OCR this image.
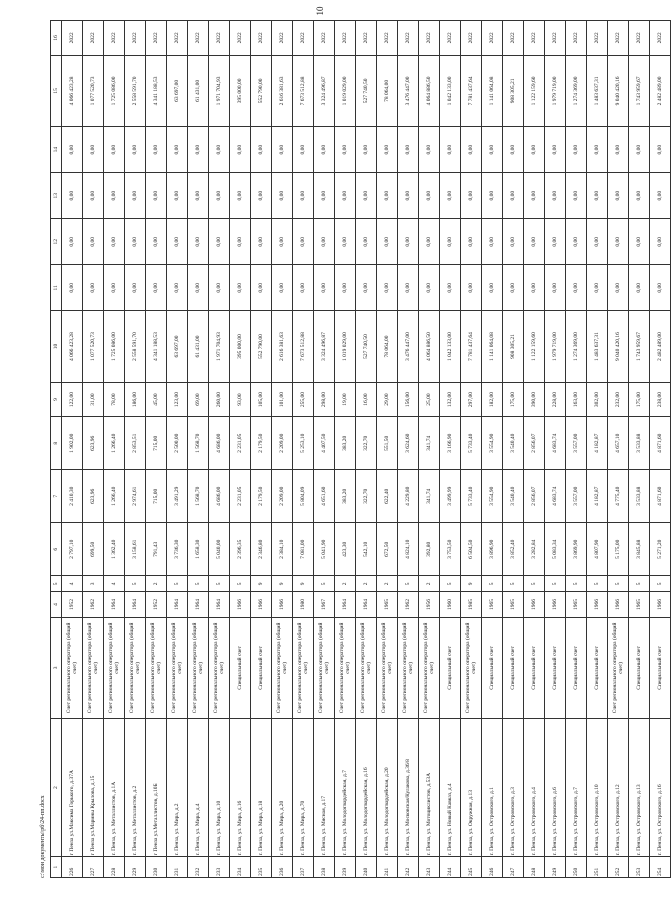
10
1	2	3	4	5	6	7	8	9	10	11	12	13	14	15	16
226	г Пенза ул.Максима Горького, д.37А	Счет регионального оператора (общий счет)	1952	4	2 797,10	2 410,30	1 902,00	122,00	4 066 423,28	0,00	0,00	0,00	0,00	4 066 423,28	2022
227	г Пенза ул.Марины Крылова, д.15	Счет регионального оператора (общий счет)	1962	3	699,50	623,96	623,96	31,00	1 077 520,73	0,00	0,00	0,00	0,00	1 077 520,73	2022
228	г. Пенза, ул. Металлистов, д.1А	Счет регионального оператора (общий счет)	1964	4	1 362,40	1 266,40	1 266,40	78,00	1 725 086,00	0,00	0,00	0,00	0,00	1 725 086,00	2022
229	г. Пенза, ул. Металлистов, д.2	Счет регионального оператора (общий счет)	1964	5	3 158,61	2 974,61	2 853,51	186,00	2 558 591,70	0,00	0,00	0,00	0,00	2 558 591,70	2022
230	г Пенза ул.Металлистов, д.10Б	Счет регионального оператора (общий счет)	1952	2	791,43	715,00	715,00	45,00	4 341 188,53	0,00	0,00	0,00	0,00	4 341 188,53	2022
231	г. Пенза, ул. Мира, д.2	Счет регионального оператора (общий счет)	1964	5	3 736,30	3 491,29	2 500,00	123,00	63 697,00	0,00	0,00	0,00	0,00	63 697,00	2022
232	г. Пенза, ул. Мира, д.4	Счет регионального оператора (общий счет)	1964	5	1 658,30	1 568,70	1 568,70	69,00	61 431,00	0,00	0,00	0,00	0,00	61 431,00	2022
233	г. Пенза, ул. Мира, д.10	Счет регионального оператора (общий счет)	1964	5	5 040,00	4 686,00	4 686,00	260,00	1 971 704,93	0,00	0,00	0,00	0,00	1 971 704,93	2022
234	г. Пенза, ул. Мира, д.16	Специальный счет	1966	5	2 396,35	2 231,05	2 231,05	93,00	395 000,00	0,00	0,00	0,00	0,00	395 000,00	2022
235	г. Пенза, ул. Мира, д.18	Специальный счет	1966	9	2 346,80	2 179,50	2 179,50	105,00	552 790,00	0,00	0,00	0,00	0,00	552 790,00	2022
236	г. Пенза, ул. Мира, д.20	Счет регионального оператора (общий счет)	1966	9	2 384,10	2 209,00	2 209,00	101,00	2 616 381,63	0,00	0,00	0,00	0,00	2 616 381,63	2022
237	г. Пенза, ул. Мира, д.70	Счет регионального оператора (общий счет)	1980	9	7 081,00	5 804,09	5 253,10	255,00	7 673 512,88	0,00	0,00	0,00	0,00	7 673 512,88	2022
238	г. Пенза, ул. Мясная, д.17	Счет регионального оператора (общий счет)	1967	5	5 041,90	4 651,60	4 407,50	298,00	3 324 496,87	0,00	0,00	0,00	0,00	3 324 496,87	2022
239	г. Пенза, ул. Молодогвардейская, д.7	Счет регионального оператора (общий счет)	1964	2	423,30	383,20	383,20	19,00	1 019 029,00	0,00	0,00	0,00	0,00	1 019 029,00	2022
240	г. Пенза, ул. Молодогвардейская, д.16	Счет регионального оператора (общий счет)	1964	2	542,10	322,70	322,70	16,00	527 740,50	0,00	0,00	0,00	0,00	527 740,50	2022
241	г. Пенза, ул. Молодогвардейская, д.20	Счет регионального оператора (общий счет)	1965	2	672,50	622,40	551,50	29,00	78 064,00	0,00	0,00	0,00	0,00	78 064,00	2022
242	г. Пенза, ул. Московская/Кулакова, д.36/8	Счет регионального оператора (общий счет)	1962	5	4 824,10	4 229,80	3 624,60	156,00	3 476 447,00	0,00	0,00	0,00	0,00	3 476 447,00	2022
243	г. Пенза, ул. Мотоциклистов, д.53А	Счет регионального оператора (общий счет)	1956	2	392,80	341,74	341,74	25,00	4 064 886,50	0,00	0,00	0,00	0,00	4 064 886,50	2022
244	г. Пенза, ул. Новый Кавказ, д.4	Специальный счет	1960	5	3 753,50	3 499,99	3 166,90	132,00	1 042 133,00	0,00	0,00	0,00	0,00	1 042 133,00	2022
245	г. Пенза, ул. Окружная, д.13	Счет регионального оператора (общий счет)	1985	9	6 504,50	5 733,40	5 733,40	297,00	7 781 437,64	0,00	0,00	0,00	0,00	7 781 437,64	2022
246	г. Пенза, ул. Островского, д.1	Специальный счет	1965	5	3 896,90	3 554,90	3 554,90	182,00	1 141 064,08	0,00	0,00	0,00	0,00	1 141 064,08	2022
247	г. Пенза, ул. Островского, д.3	Специальный счет	1965	5	3 852,40	3 540,40	3 540,40	175,00	908 305,21	0,00	0,00	0,00	0,00	908 305,21	2022
248	г. Пенза, ул. Островского, д.4	Специальный счет	1966	5	3 282,84	2 856,07	2 856,07	390,00	1 122 159,60	0,00	0,00	0,00	0,00	1 122 159,60	2022
249	г. Пенза, ул. Островского, д.6	Специальный счет	1966	5	5 083,34	4 683,74	4 683,74	228,00	1 979 719,00	0,00	0,00	0,00	0,00	1 979 719,00	2022
250	г. Пенза, ул. Островского, д.7	Специальный счет	1965	5	3 869,90	3 557,00	3 557,00	163,00	1 274 369,00	0,00	0,00	0,00	0,00	1 274 369,00	2022
251	г. Пенза, ул. Островского, д.10	Специальный счет	1966	5	4 807,90	4 182,87	4 182,87	302,00	1 483 637,31	0,00	0,00	0,00	0,00	1 483 637,31	2022
252	г. Пенза, ул. Островского, д.12	Счет регионального оператора (общий счет)	1966	5	5 175,00	4 775,40	4 657,10	232,00	9 040 420,16	0,00	0,00	0,00	0,00	9 040 420,16	2022
253	г. Пенза, ул. Островского, д.13	Специальный счет	1965	5	3 845,88	3 533,88	3 533,88	175,00	1 743 959,67	0,00	0,00	0,00	0,00	1 743 959,67	2022
254	г. Пенза, ул. Островского, д.16	Специальный счет	1966	5	5 271,20	4 871,60	4 871,60	238,00	2 482 489,00	0,00	0,00	0,00	0,00	2 482 489,00	2022
c:\мои документы\рб\24-пп.docx
